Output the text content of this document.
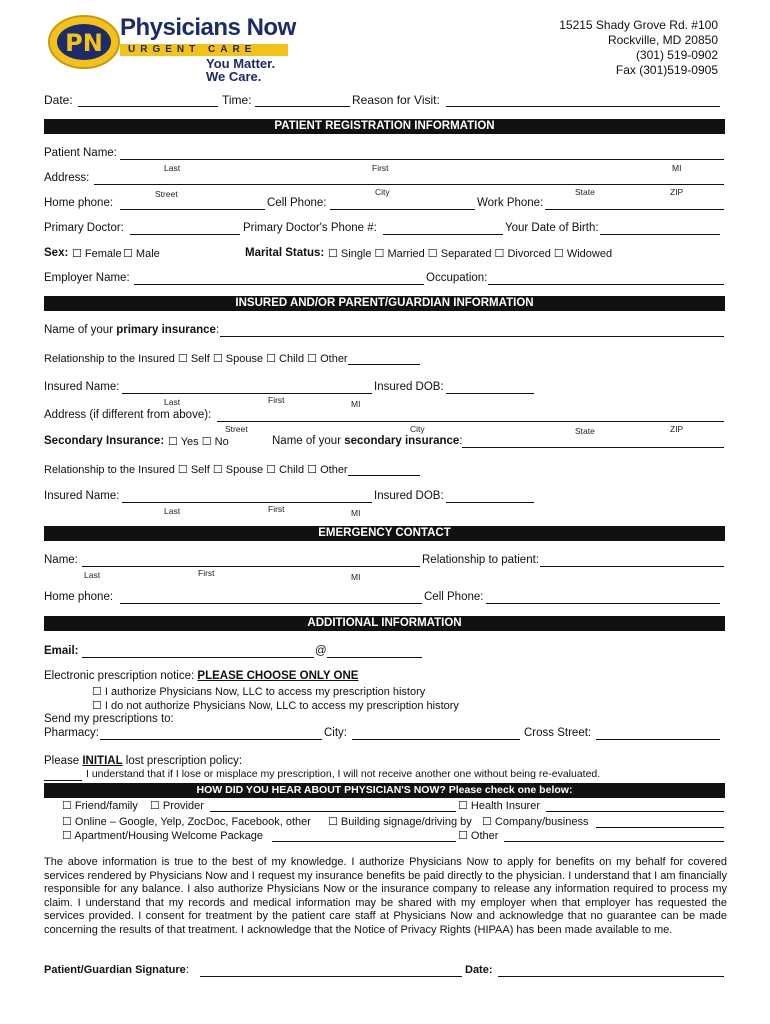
PN
Physicians Now
URGENT CARE
You Matter.
We Care.
15215 Shady Grove Rd. #100
Rockville, MD 20850
(301) 519-0902
Fax (301)519-0905
Date:	Time:	Reason for Visit:
PATIENT REGISTRATION INFORMATION
Patient Name:
Last	First	MI
Address:
Street	City	State	ZIP
Home phone:	Cell Phone:	Work Phone:
Primary Doctor:	Primary Doctor's Phone #:	Your Date of Birth:
Sex: ☐ Female ☐ Male	Marital Status: ☐ Single ☐ Married ☐ Separated ☐ Divorced ☐ Widowed
Employer Name:	Occupation:
INSURED AND/OR PARENT/GUARDIAN INFORMATION
Name of your primary insurance:
Relationship to the Insured ☐ Self ☐ Spouse ☐ Child ☐ Other
Insured Name:	Insured DOB:
Last	First	MI
Address (if different from above):
Street	City	State	ZIP
Secondary Insurance: ☐ Yes ☐ No	Name of your secondary insurance:
Relationship to the Insured ☐ Self ☐ Spouse ☐ Child ☐ Other
Insured Name:	Insured DOB:
Last	First	MI
EMERGENCY CONTACT
Name:	Relationship to patient:
Last	First	MI
Home phone:	Cell Phone:
ADDITIONAL INFORMATION
Email:	@
Electronic prescription notice: PLEASE CHOOSE ONLY ONE
☐ I authorize Physicians Now, LLC to access my prescription history
☐ I do not authorize Physicians Now, LLC to access my prescription history
Send my prescriptions to:
Pharmacy:	City:	Cross Street:
Please INITIAL lost prescription policy:
I understand that if I lose or misplace my prescription, I will not receive another one without being re-evaluated.
HOW DID YOU HEAR ABOUT PHYSICIAN'S NOW? Please check one below:
☐ Friend/family ☐ Provider	☐ Health Insurer
☐ Online – Google, Yelp, ZocDoc, Facebook, other ☐ Building signage/driving by ☐ Company/business
☐ Apartment/Housing Welcome Package	☐ Other
The above information is true to the best of my knowledge. I authorize Physicians Now to apply for benefits on my behalf for covered services rendered by Physicians Now and I request my insurance benefits be paid directly to the physician. I understand that I am financially responsible for any balance. I also authorize Physicians Now or the insurance company to release any information required to process my claim. I understand that my records and medical information may be shared with my employer when that employer has requested the services provided. I consent for treatment by the patient care staff at Physicians Now and acknowledge that no guarantee can be made concerning the results of that treatment. I acknowledge that the Notice of Privacy Rights (HIPAA) has been made available to me.
Patient/Guardian Signature:	Date:
